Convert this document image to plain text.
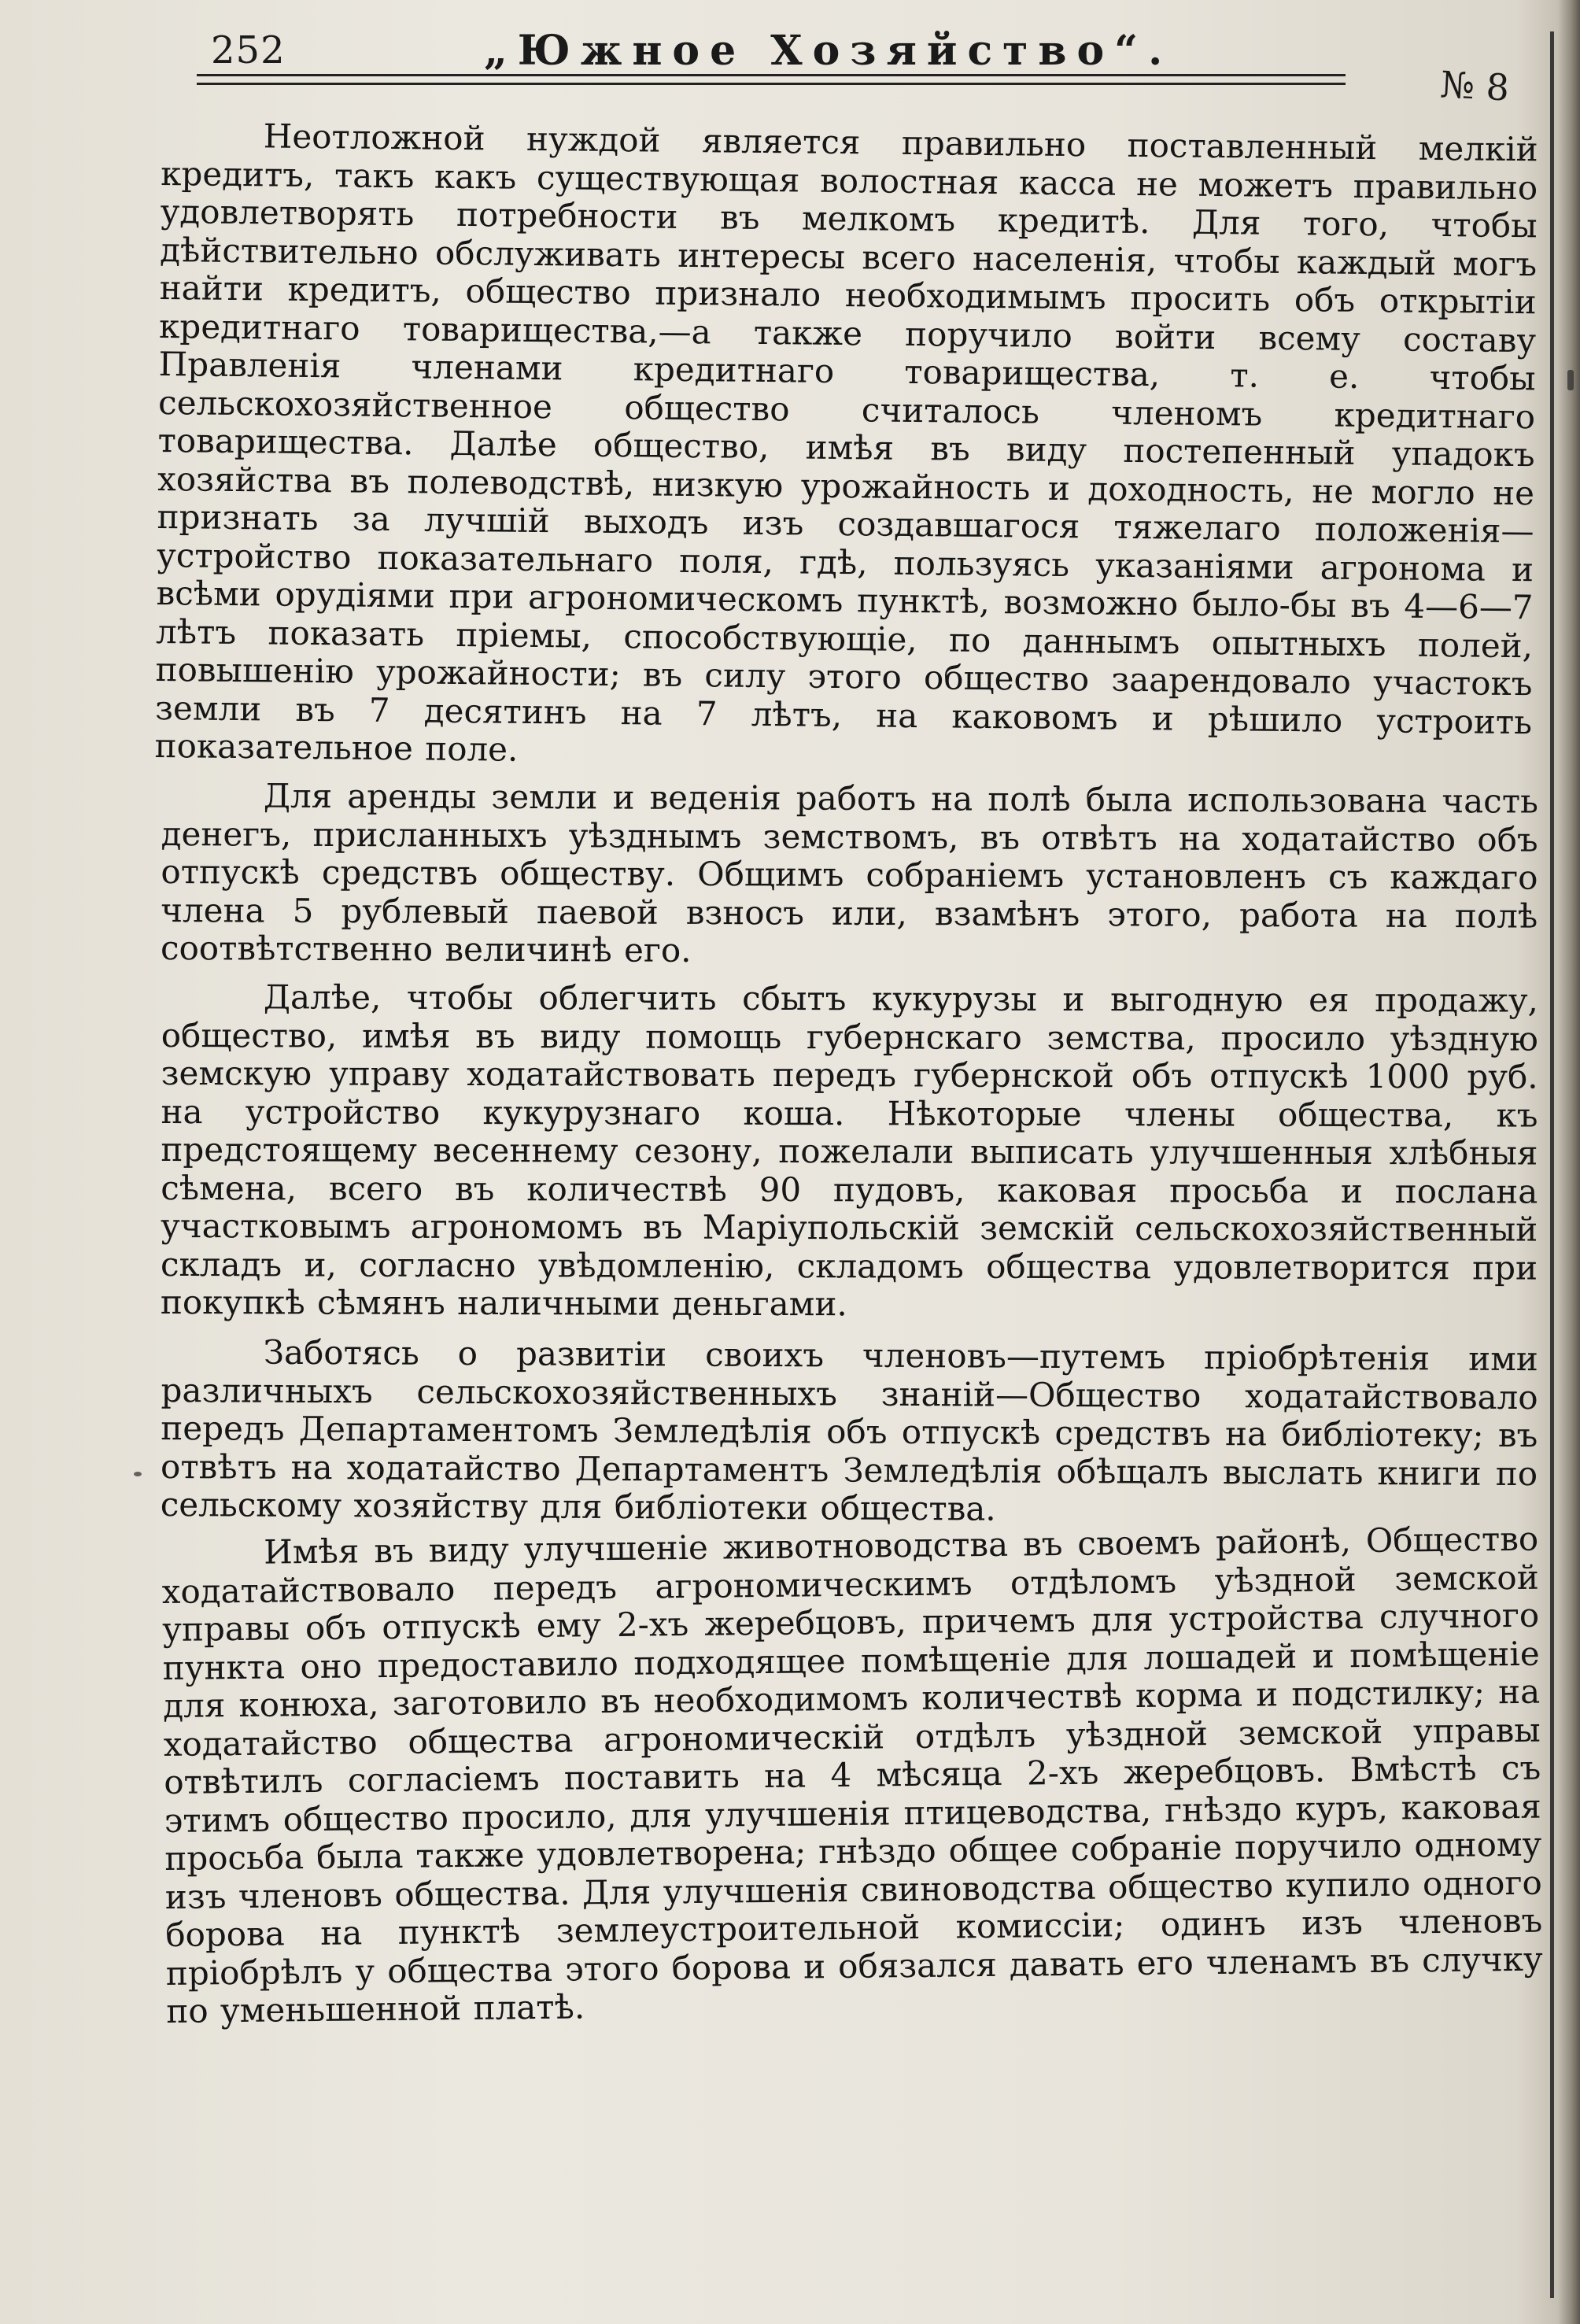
252	„Южное Хозяйство“.
№ 8

Неотложной нуждой является правильно поставленный мелкій кредитъ, такъ какъ существующая волостная касса не можетъ правильно удовлетворять потребности въ мелкомъ кредитѣ. Для того, чтобы дѣйствительно обслуживать интересы всего населенія, чтобы каждый могъ найти кредитъ, общество признало необходимымъ просить объ открытіи кредитнаго товарищества,—а также поручило войти всему составу Правленія членами кредитнаго товарищества, т. е. чтобы сельскохозяйственное общество считалось членомъ кредитнаго товарищества. Далѣе общество, имѣя въ виду постепенный упадокъ хозяйства въ полеводствѣ, низкую урожайность и доходность, не могло не признать за лучшій выходъ изъ создавшагося тяжелаго положенія—устройство показательнаго поля, гдѣ, пользуясь указаніями агронома и всѣми орудіями при агрономическомъ пунктѣ, возможно было-бы въ 4—6—7 лѣтъ показать пріемы, способствующіе, по даннымъ опытныхъ полей, повышенію урожайности; въ силу этого общество заарендовало участокъ земли въ 7 десятинъ на 7 лѣтъ, на каковомъ и рѣшило устроить показательное поле.

Для аренды земли и веденія работъ на полѣ была использована часть денегъ, присланныхъ уѣзднымъ земствомъ, въ отвѣтъ на ходатайство объ отпускѣ средствъ обществу. Общимъ собраніемъ установленъ съ каждаго члена 5 рублевый паевой взносъ или, взамѣнъ этого, работа на полѣ соотвѣтственно величинѣ его.

Далѣе, чтобы облегчить сбытъ кукурузы и выгодную ея продажу, общество, имѣя въ виду помощь губернскаго земства, просило уѣздную земскую управу ходатайствовать передъ губернской объ отпускѣ 1000 руб. на устройство кукурузнаго коша. Нѣкоторые члены общества, къ предстоящему весеннему сезону, пожелали выписать улучшенныя хлѣбныя сѣмена, всего въ количествѣ 90 пудовъ, каковая просьба и послана участковымъ агрономомъ въ Маріупольскій земскій сельскохозяйственный складъ и, согласно увѣдомленію, складомъ общества удовлетворится при покупкѣ сѣмянъ наличными деньгами.

Заботясь о развитіи своихъ членовъ—путемъ пріобрѣтенія ими различныхъ сельскохозяйственныхъ знаній—Общество ходатайствовало передъ Департаментомъ Земледѣлія объ отпускѣ средствъ на библіотеку; въ отвѣтъ на ходатайство Департаментъ Земледѣлія обѣщалъ выслать книги по сельскому хозяйству для библіотеки общества.

Имѣя въ виду улучшеніе животноводства въ своемъ районѣ, Общество ходатайствовало передъ агрономическимъ отдѣломъ уѣздной земской управы объ отпускѣ ему 2-хъ жеребцовъ, причемъ для устройства случного пункта оно предоставило подходящее помѣщеніе для лошадей и помѣщеніе для конюха, заготовило въ необходимомъ количествѣ корма и подстилку; на ходатайство общества агрономическій отдѣлъ уѣздной земской управы отвѣтилъ согласіемъ поставить на 4 мѣсяца 2-хъ жеребцовъ. Вмѣстѣ съ этимъ общество просило, для улучшенія птицеводства, гнѣздо куръ, каковая просьба была также удовлетворена; гнѣздо общее собраніе поручило одному изъ членовъ общества. Для улучшенія свиноводства общество купило одного борова на пунктѣ землеустроительной комиссіи; одинъ изъ членовъ пріобрѣлъ у общества этого борова и обязался давать его членамъ въ случку по уменьшенной платѣ.
